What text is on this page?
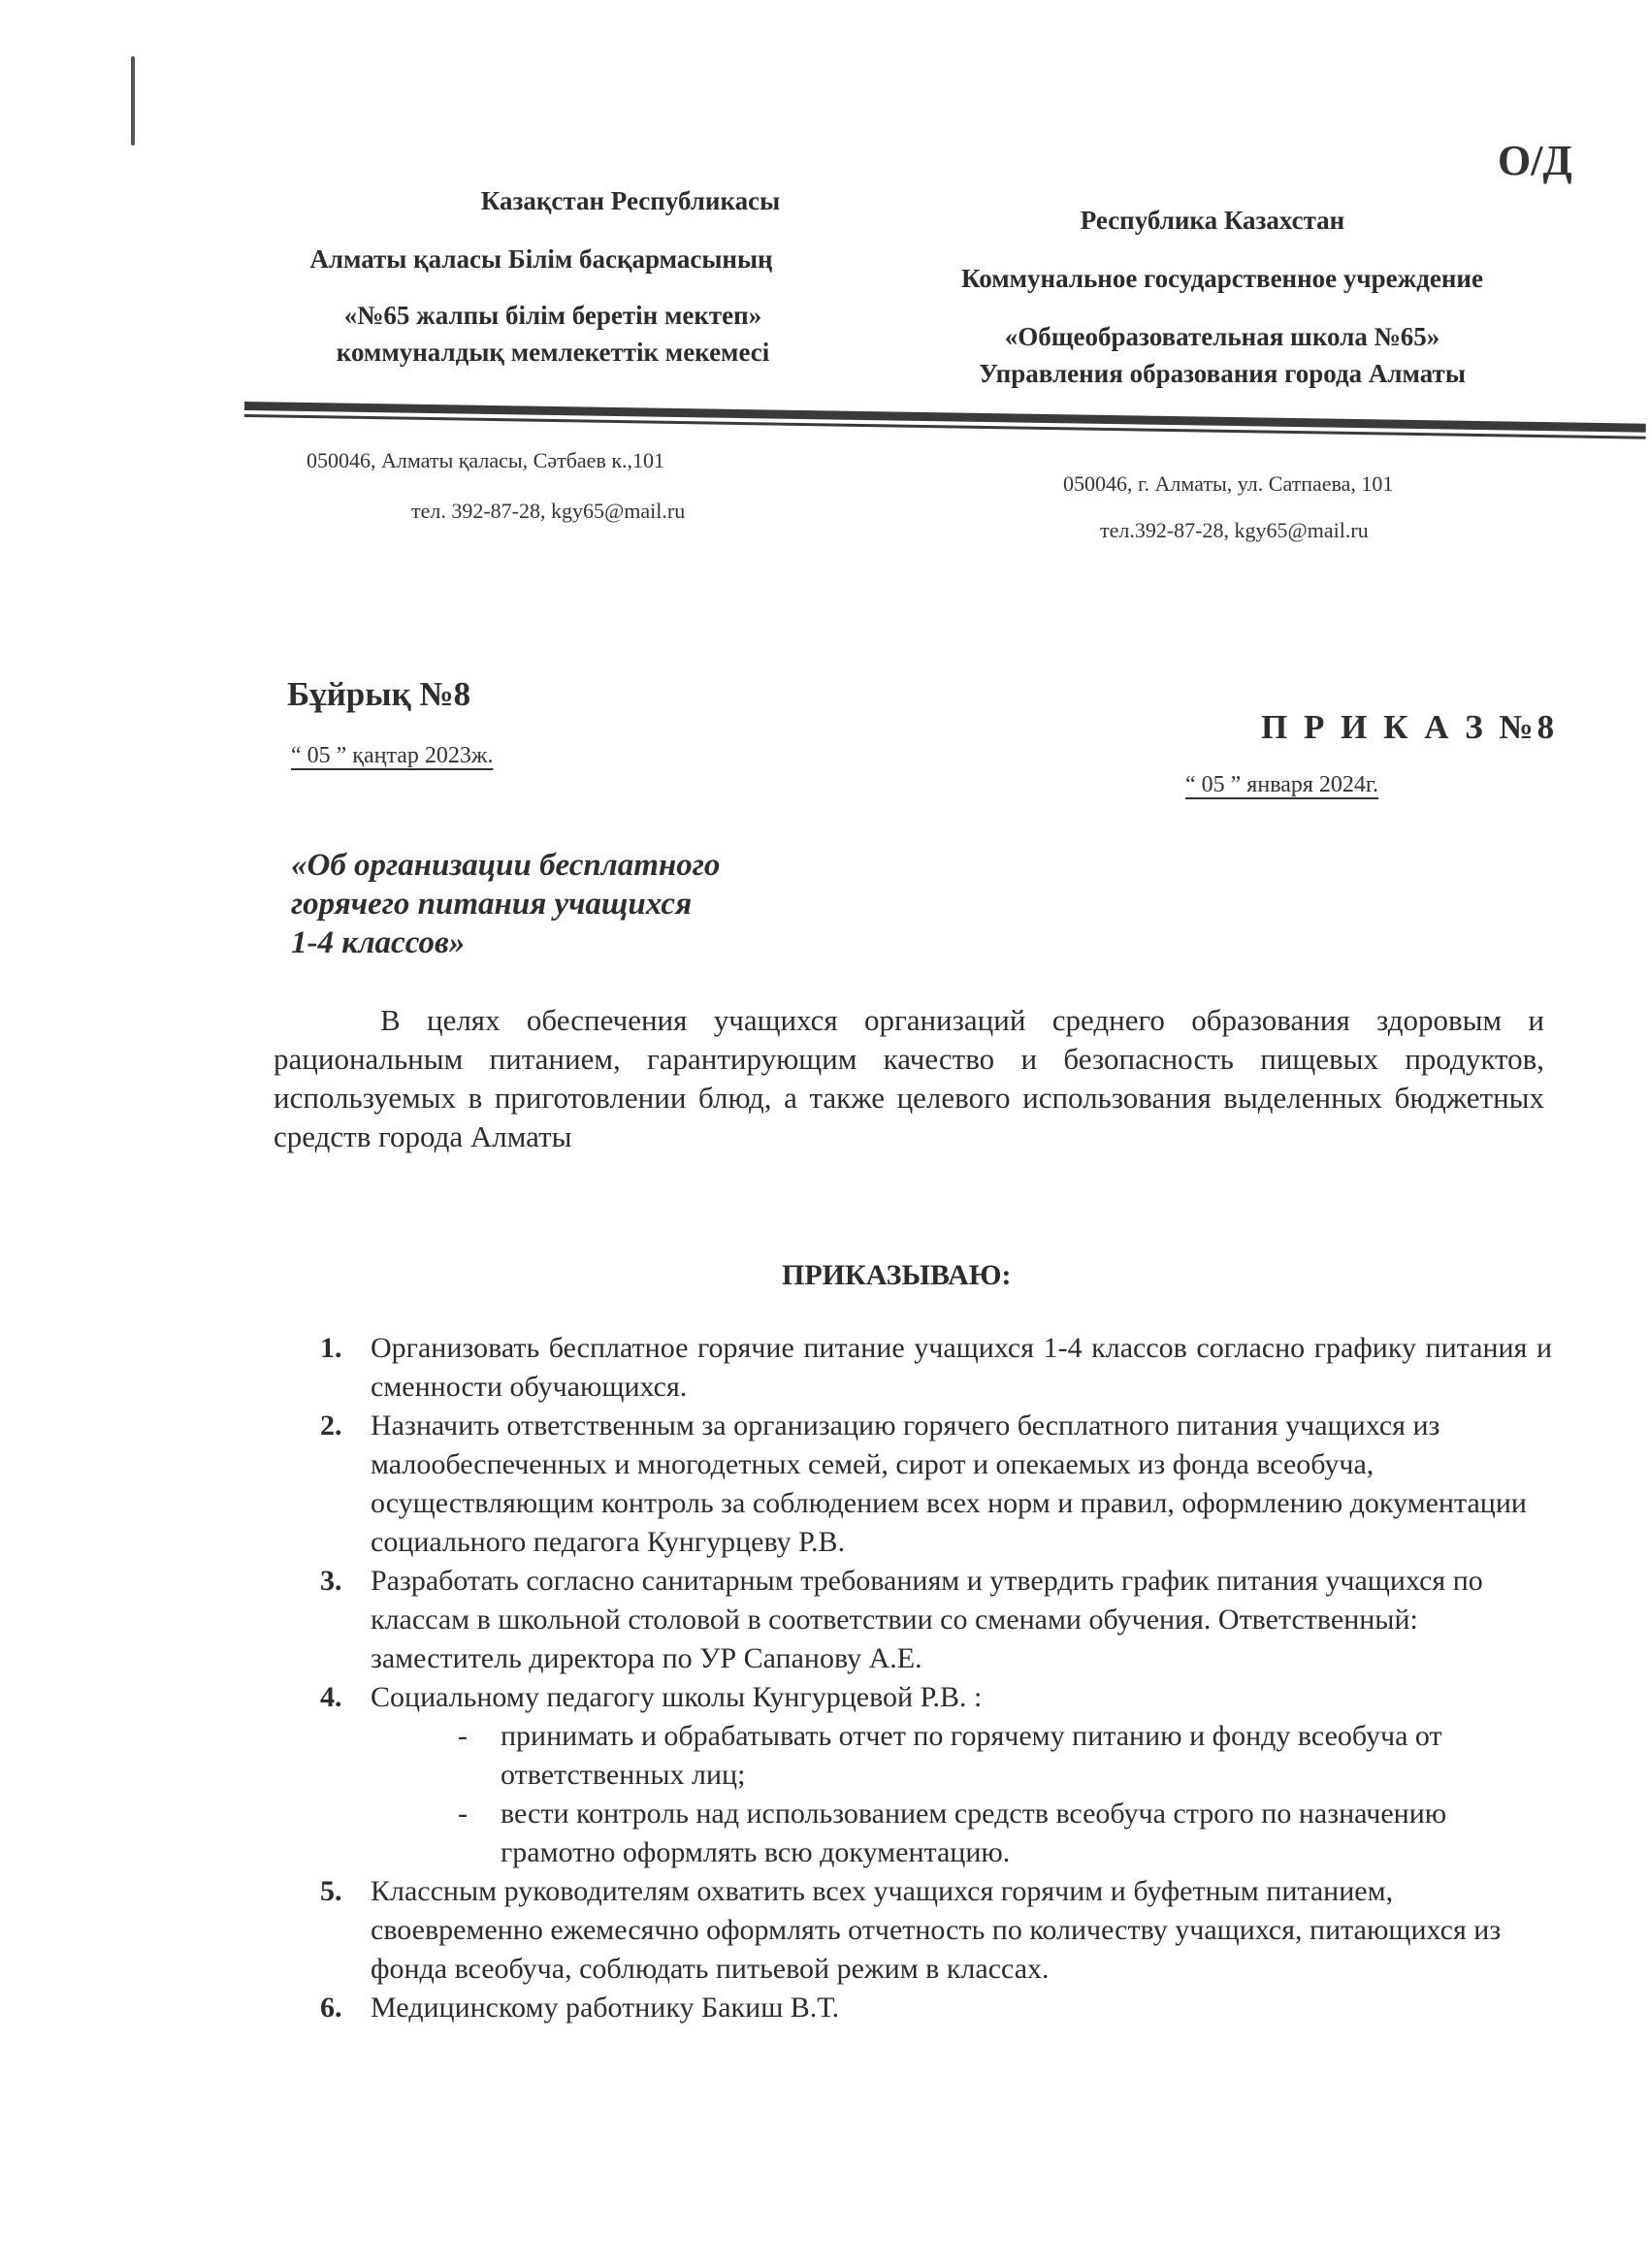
О/Д
Казақстан Республикасы
Алматы қаласы Білім басқармасының
«№65 жалпы білім беретін мектеп»
коммуналдық мемлекеттік мекемесі
Республика Казахстан
Коммунальное государственное учреждение
«Общеобразовательная школа №65»
Управления образования города Алматы
050046, Алматы қаласы, Сәтбаев к.,101
тел. 392-87-28, kgy65@mail.ru
050046, г. Алматы, ул. Сатпаева, 101
тел.392-87-28, kgy65@mail.ru
Бұйрық №8
“ 05 ” қаңтар 2023ж.
П Р И К А З №8
“ 05 ” января 2024г.
«Об организации бесплатного
горячего питания учащихся
1-4 классов»

В целях обеспечения учащихся организаций среднего образования здоровым и рациональным питанием, гарантирующим качество и безопасность пищевых продуктов, используемых в приготовлении блюд, а также целевого использования выделенных бюджетных средств города Алматы

ПРИКАЗЫВАЮ:
1. Организовать бесплатное горячие питание учащихся 1-4 классов согласно графику питания и сменности обучающихся.
2. Назначить ответственным за организацию горячего бесплатного питания учащихся из малообеспеченных и многодетных семей, сирот и опекаемых из фонда всеобуча, осуществляющим контроль за соблюдением всех норм и правил, оформлению документации социального педагога Кунгурцеву Р.В.
3. Разработать согласно санитарным требованиям и утвердить график питания учащихся по классам в школьной столовой в соответствии со сменами обучения. Ответственный: заместитель директора по УР Сапанову А.Е.
4. Социальному педагогу школы Кунгурцевой Р.В. :
- принимать и обрабатывать отчет по горячему питанию и фонду всеобуча от ответственных лиц;
- вести контроль над использованием средств всеобуча строго по назначению грамотно оформлять всю документацию.
5. Классным руководителям охватить всех учащихся горячим и буфетным питанием, своевременно ежемесячно оформлять отчетность по количеству учащихся, питающихся из фонда всеобуча, соблюдать питьевой режим в классах.
6. Медицинскому работнику Бакиш В.Т.
